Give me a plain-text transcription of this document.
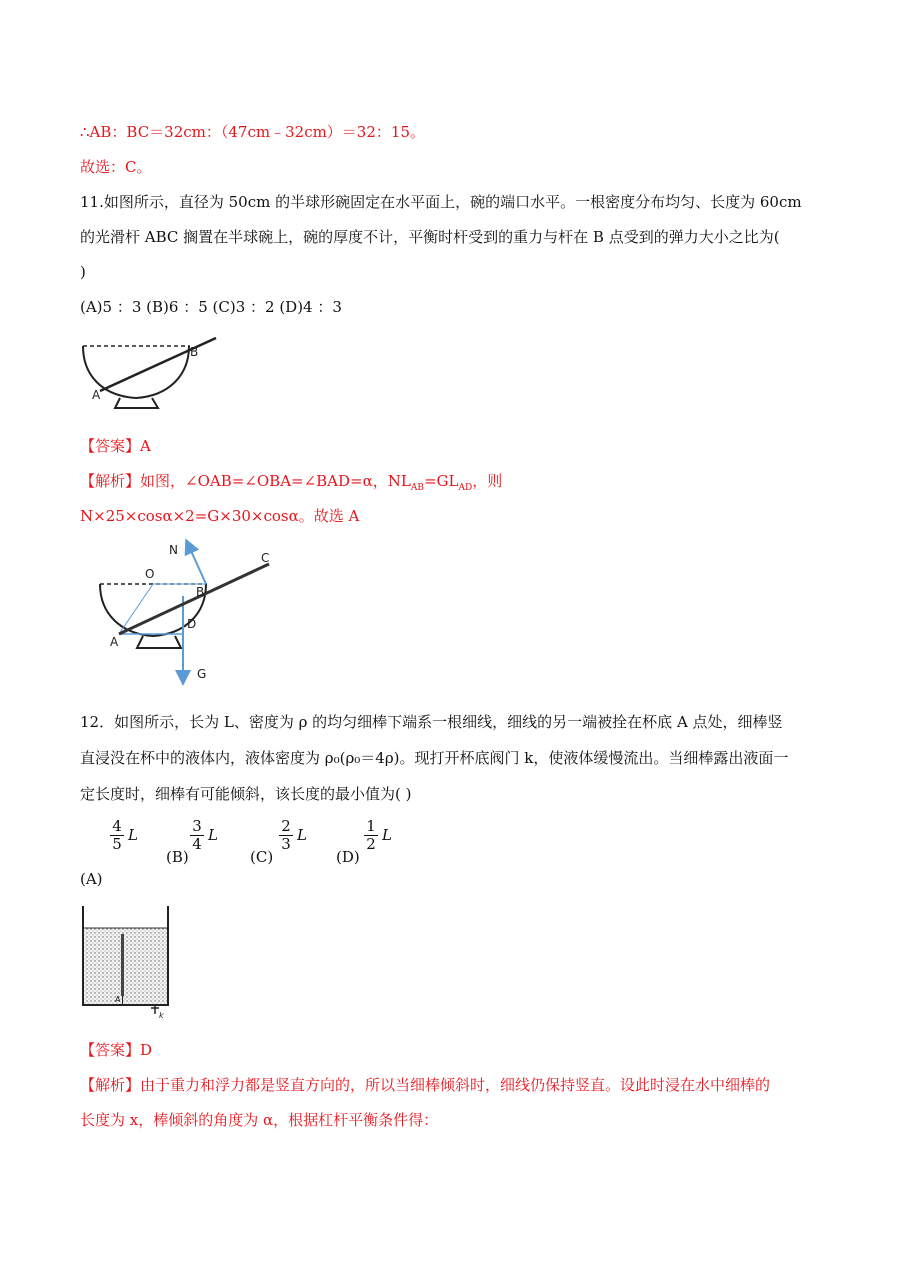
∴AB：BC＝32cm：（47cm﹣32cm）＝32：15。
故选：C。
11.如图所示，直径为 50cm 的半球形碗固定在水平面上，碗的端口水平。一根密度分布均匀、长度为 60cm
的光滑杆 ABC 搁置在半球碗上，碗的厚度不计，平衡时杆受到的重力与杆在 B 点受到的弹力大小之比为(
)
(A)5 ：3 (B)6 ：5 (C)3 ：2 (D)4 ：3
B
A
【答案】A
【解析】如图，∠OAB=∠OBA=∠BAD=α，$NL_{AB}=GL_{AD}$，则
N×25×cosα×2=G×30×cosα。故选 A
N
O
C
B
A
D
G
12．如图所示，长为 L、密度为 ρ 的均匀细棒下端系一根细线，细线的另一端被拴在杯底 A 点处，细棒竖
直浸没在杯中的液体内，液体密度为 ρ₀(ρ₀＝4ρ)。现打开杯底阀门 k，使液体缓慢流出。当细棒露出液面一
定长度时，细棒有可能倾斜，该长度的最小值为( )
4
5 L
(B)
3
4 L
(C)
2
3 L
(D)
1
2 L
(A)
A
k
【答案】D
【解析】由于重力和浮力都是竖直方向的，所以当细棒倾斜时，细线仍保持竖直。设此时浸在水中细棒的
长度为 x，棒倾斜的角度为 α，根据杠杆平衡条件得：
